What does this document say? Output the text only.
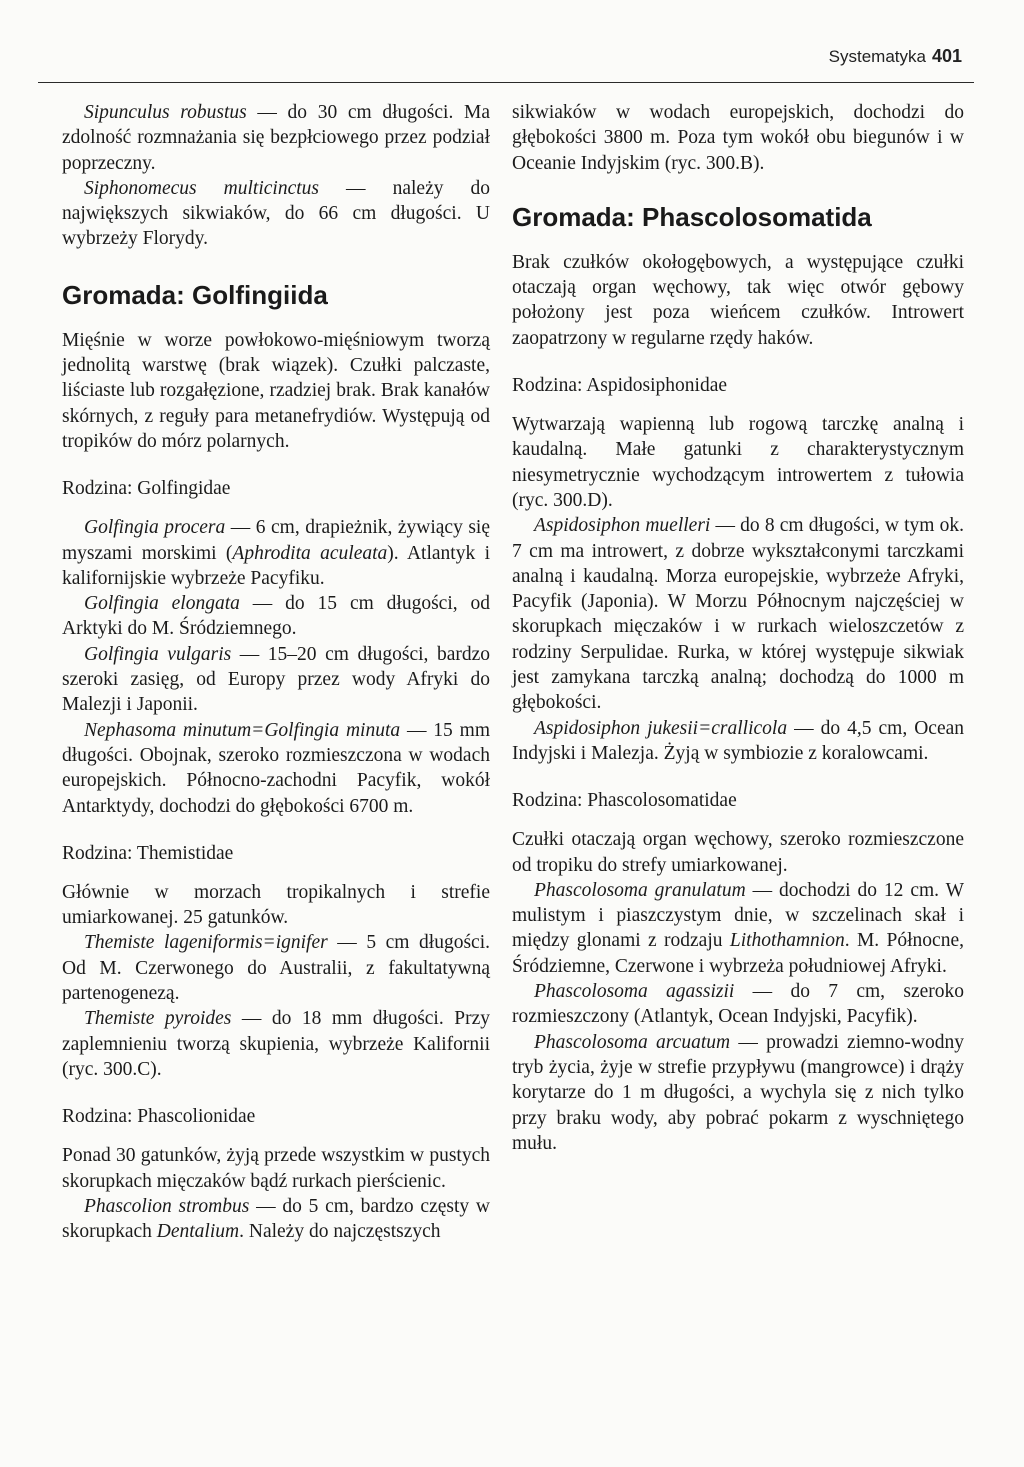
Systematyka 401

Sipunculus robustus — do 30 cm długości. Ma zdolność rozmnażania się bezpłciowego przez podział poprzeczny.

Siphonomecus multicinctus — należy do największych sikwiaków, do 66 cm długości. U wybrzeży Florydy.

Gromada: Golfingiida

Mięśnie w worze powłokowo-mięśniowym tworzą jednolitą warstwę (brak wiązek). Czułki palczaste, liściaste lub rozgałęzione, rzadziej brak. Brak kanałów skórnych, z reguły para metanefrydiów. Występują od tropików do mórz polarnych.

Rodzina: Golfingidae

Golfingia procera — 6 cm, drapieżnik, żywiący się myszami morskimi (Aphrodita aculeata). Atlantyk i kalifornijskie wybrzeże Pacyfiku.

Golfingia elongata — do 15 cm długości, od Arktyki do M. Śródziemnego.

Golfingia vulgaris — 15–20 cm długości, bardzo szeroki zasięg, od Europy przez wody Afryki do Malezji i Japonii.

Nephasoma minutum=Golfingia minuta — 15 mm długości. Obojnak, szeroko rozmieszczona w wodach europejskich. Północno-zachodni Pacyfik, wokół Antarktydy, dochodzi do głębokości 6700 m.

Rodzina: Themistidae

Głównie w morzach tropikalnych i strefie umiarkowanej. 25 gatunków.

Themiste lageniformis=ignifer — 5 cm długości. Od M. Czerwonego do Australii, z fakultatywną partenogenezą.

Themiste pyroides — do 18 mm długości. Przy zaplemnieniu tworzą skupienia, wybrzeże Kalifornii (ryc. 300.C).

Rodzina: Phascolionidae

Ponad 30 gatunków, żyją przede wszystkim w pustych skorupkach mięczaków bądź rurkach pierścienic.

Phascolion strombus — do 5 cm, bardzo częsty w skorupkach Dentalium. Należy do najczęstszych

sikwiaków w wodach europejskich, dochodzi do głębokości 3800 m. Poza tym wokół obu biegunów i w Oceanie Indyjskim (ryc. 300.B).

Gromada: Phascolosomatida

Brak czułków okołogębowych, a występujące czułki otaczają organ węchowy, tak więc otwór gębowy położony jest poza wieńcem czułków. Introwert zaopatrzony w regularne rzędy haków.

Rodzina: Aspidosiphonidae

Wytwarzają wapienną lub rogową tarczkę analną i kaudalną. Małe gatunki z charakterystycznym niesymetrycznie wychodzącym introwertem z tułowia (ryc. 300.D).

Aspidosiphon muelleri — do 8 cm długości, w tym ok. 7 cm ma introwert, z dobrze wykształconymi tarczkami analną i kaudalną. Morza europejskie, wybrzeże Afryki, Pacyfik (Japonia). W Morzu Północnym najczęściej w skorupkach mięczaków i w rurkach wieloszczetów z rodziny Serpulidae. Rurka, w której występuje sikwiak jest zamykana tarczką analną; dochodzą do 1000 m głębokości.

Aspidosiphon jukesii=crallicola — do 4,5 cm, Ocean Indyjski i Malezja. Żyją w symbiozie z koralowcami.

Rodzina: Phascolosomatidae

Czułki otaczają organ węchowy, szeroko rozmieszczone od tropiku do strefy umiarkowanej.

Phascolosoma granulatum — dochodzi do 12 cm. W mulistym i piaszczystym dnie, w szczelinach skał i między glonami z rodzaju Lithothamnion. M. Północne, Śródziemne, Czerwone i wybrzeża południowej Afryki.

Phascolosoma agassizii — do 7 cm, szeroko rozmieszczony (Atlantyk, Ocean Indyjski, Pacyfik).

Phascolosoma arcuatum — prowadzi ziemno-wodny tryb życia, żyje w strefie przypływu (mangrowce) i drąży korytarze do 1 m długości, a wychyla się z nich tylko przy braku wody, aby pobrać pokarm z wyschniętego mułu.
